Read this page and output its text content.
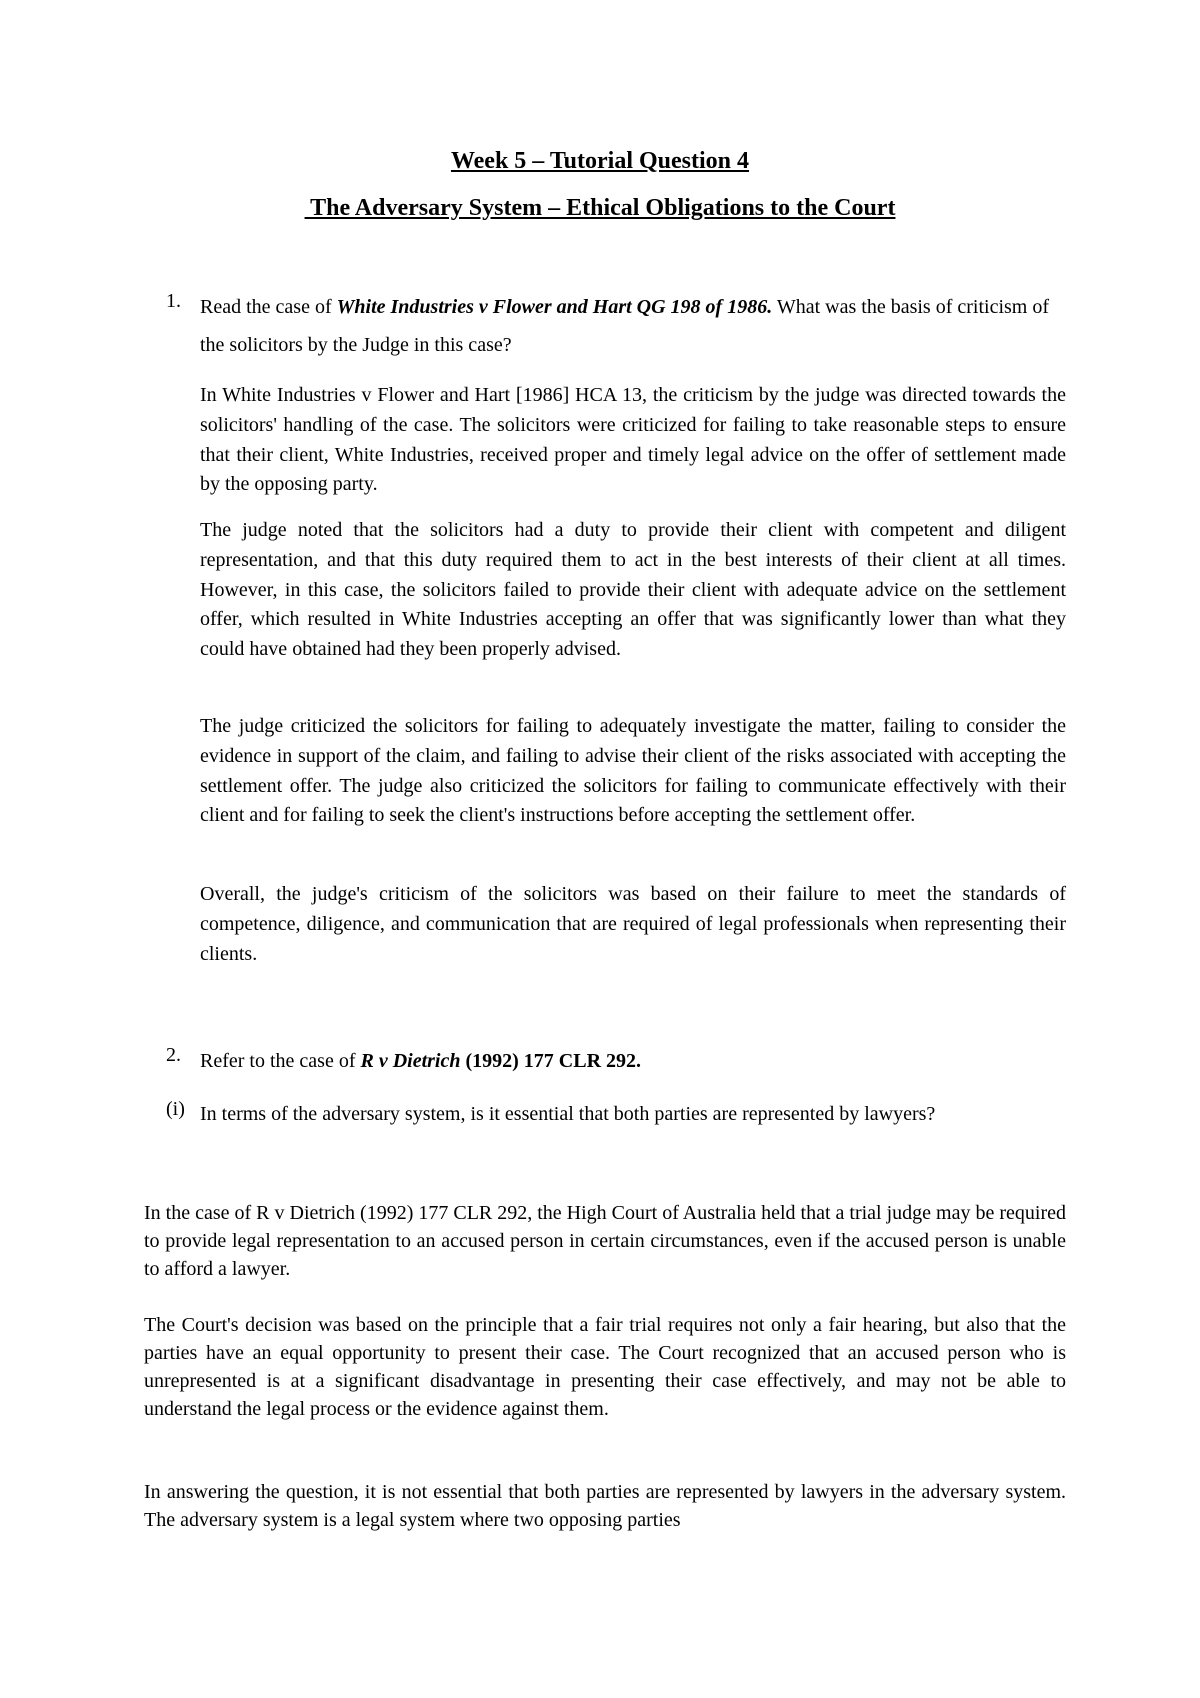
Week 5 – Tutorial Question 4
The Adversary System – Ethical Obligations to the Court
1. Read the case of White Industries v Flower and Hart QG 198 of 1986. What was the basis of criticism of the solicitors by the Judge in this case?
In White Industries v Flower and Hart [1986] HCA 13, the criticism by the judge was directed towards the solicitors' handling of the case. The solicitors were criticized for failing to take reasonable steps to ensure that their client, White Industries, received proper and timely legal advice on the offer of settlement made by the opposing party.
The judge noted that the solicitors had a duty to provide their client with competent and diligent representation, and that this duty required them to act in the best interests of their client at all times. However, in this case, the solicitors failed to provide their client with adequate advice on the settlement offer, which resulted in White Industries accepting an offer that was significantly lower than what they could have obtained had they been properly advised.
The judge criticized the solicitors for failing to adequately investigate the matter, failing to consider the evidence in support of the claim, and failing to advise their client of the risks associated with accepting the settlement offer. The judge also criticized the solicitors for failing to communicate effectively with their client and for failing to seek the client's instructions before accepting the settlement offer.
Overall, the judge's criticism of the solicitors was based on their failure to meet the standards of competence, diligence, and communication that are required of legal professionals when representing their clients.
2. Refer to the case of R v Dietrich (1992) 177 CLR 292.
(i) In terms of the adversary system, is it essential that both parties are represented by lawyers?
In the case of R v Dietrich (1992) 177 CLR 292, the High Court of Australia held that a trial judge may be required to provide legal representation to an accused person in certain circumstances, even if the accused person is unable to afford a lawyer.
The Court's decision was based on the principle that a fair trial requires not only a fair hearing, but also that the parties have an equal opportunity to present their case. The Court recognized that an accused person who is unrepresented is at a significant disadvantage in presenting their case effectively, and may not be able to understand the legal process or the evidence against them.
In answering the question, it is not essential that both parties are represented by lawyers in the adversary system. The adversary system is a legal system where two opposing parties
